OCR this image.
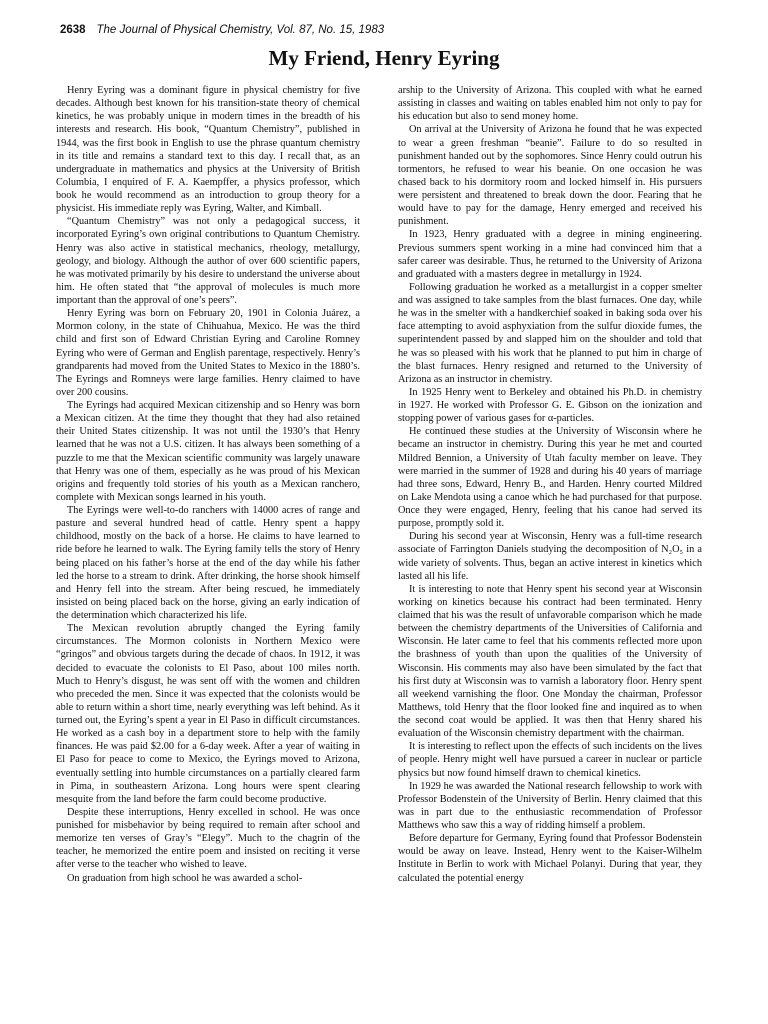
2638 The Journal of Physical Chemistry, Vol. 87, No. 15, 1983
My Friend, Henry Eyring

Henry Eyring was a dominant figure in physical chemistry for five decades. Although best known for his transition-state theory of chemical kinetics, he was probably unique in modern times in the breadth of his interests and research. His book, “Quantum Chemistry”, published in 1944, was the first book in English to use the phrase quantum chemistry in its title and remains a standard text to this day. I recall that, as an undergraduate in mathematics and physics at the University of British Columbia, I enquired of F. A. Kaempffer, a physics professor, which book he would recommend as an introduction to group theory for a physicist. His immediate reply was Eyring, Walter, and Kimball.

“Quantum Chemistry” was not only a pedagogical success, it incorporated Eyring’s own original contributions to Quantum Chemistry. Henry was also active in statistical mechanics, rheology, metallurgy, geology, and biology. Although the author of over 600 scientific papers, he was motivated primarily by his desire to understand the universe about him. He often stated that “the approval of molecules is much more important than the approval of one’s peers”.

Henry Eyring was born on February 20, 1901 in Colonia Juárez, a Mormon colony, in the state of Chihuahua, Mexico. He was the third child and first son of Edward Christian Eyring and Caroline Romney Eyring who were of German and English parentage, respectively. Henry’s grandparents had moved from the United States to Mexico in the 1880’s. The Eyrings and Romneys were large families. Henry claimed to have over 200 cousins.

The Eyrings had acquired Mexican citizenship and so Henry was born a Mexican citizen. At the time they thought that they had also retained their United States citizenship. It was not until the 1930’s that Henry learned that he was not a U.S. citizen. It has always been something of a puzzle to me that the Mexican scientific community was largely unaware that Henry was one of them, especially as he was proud of his Mexican origins and frequently told stories of his youth as a Mexican ranchero, complete with Mexican songs learned in his youth.

The Eyrings were well-to-do ranchers with 14000 acres of range and pasture and several hundred head of cattle. Henry spent a happy childhood, mostly on the back of a horse. He claims to have learned to ride before he learned to walk. The Eyring family tells the story of Henry being placed on his father’s horse at the end of the day while his father led the horse to a stream to drink. After drinking, the horse shook himself and Henry fell into the stream. After being rescued, he immediately insisted on being placed back on the horse, giving an early indication of the determination which characterized his life.

The Mexican revolution abruptly changed the Eyring family circumstances. The Mormon colonists in Northern Mexico were “gringos” and obvious targets during the decade of chaos. In 1912, it was decided to evacuate the colonists to El Paso, about 100 miles north. Much to Henry’s disgust, he was sent off with the women and children who preceded the men. Since it was expected that the colonists would be able to return within a short time, nearly everything was left behind. As it turned out, the Eyring’s spent a year in El Paso in difficult circumstances. He worked as a cash boy in a department store to help with the family finances. He was paid $2.00 for a 6-day week. After a year of waiting in El Paso for peace to come to Mexico, the Eyrings moved to Arizona, eventually settling into humble circumstances on a partially cleared farm in Pima, in southeastern Arizona. Long hours were spent clearing mesquite from the land before the farm could become productive.

Despite these interruptions, Henry excelled in school. He was once punished for misbehavior by being required to remain after school and memorize ten verses of Gray’s “Elegy”. Much to the chagrin of the teacher, he memorized the entire poem and insisted on reciting it verse after verse to the teacher who wished to leave.

On graduation from high school he was awarded a schol-

arship to the University of Arizona. This coupled with what he earned assisting in classes and waiting on tables enabled him not only to pay for his education but also to send money home.

On arrival at the University of Arizona he found that he was expected to wear a green freshman “beanie”. Failure to do so resulted in punishment handed out by the sophomores. Since Henry could outrun his tormentors, he refused to wear his beanie. On one occasion he was chased back to his dormitory room and locked himself in. His pursuers were persistent and threatened to break down the door. Fearing that he would have to pay for the damage, Henry emerged and received his punishment.

In 1923, Henry graduated with a degree in mining engineering. Previous summers spent working in a mine had convinced him that a safer career was desirable. Thus, he returned to the University of Arizona and graduated with a masters degree in metallurgy in 1924.

Following graduation he worked as a metallurgist in a copper smelter and was assigned to take samples from the blast furnaces. One day, while he was in the smelter with a handkerchief soaked in baking soda over his face attempting to avoid asphyxiation from the sulfur dioxide fumes, the superintendent passed by and slapped him on the shoulder and told that he was so pleased with his work that he planned to put him in charge of the blast furnaces. Henry resigned and returned to the University of Arizona as an instructor in chemistry.

In 1925 Henry went to Berkeley and obtained his Ph.D. in chemistry in 1927. He worked with Professor G. E. Gibson on the ionization and stopping power of various gases for α-particles.

He continued these studies at the University of Wisconsin where he became an instructor in chemistry. During this year he met and courted Mildred Bennion, a University of Utah faculty member on leave. They were married in the summer of 1928 and during his 40 years of marriage had three sons, Edward, Henry B., and Harden. Henry courted Mildred on Lake Mendota using a canoe which he had purchased for that purpose. Once they were engaged, Henry, feeling that his canoe had served its purpose, promptly sold it.

During his second year at Wisconsin, Henry was a full-time research associate of Farrington Daniels studying the decomposition of N₂O₅ in a wide variety of solvents. Thus, began an active interest in kinetics which lasted all his life.

It is interesting to note that Henry spent his second year at Wisconsin working on kinetics because his contract had been terminated. Henry claimed that his was the result of unfavorable comparison which he made between the chemistry departments of the Universities of California and Wisconsin. He later came to feel that his comments reflected more upon the brashness of youth than upon the qualities of the University of Wisconsin. His comments may also have been simulated by the fact that his first duty at Wisconsin was to varnish a laboratory floor. Henry spent all weekend varnishing the floor. One Monday the chairman, Professor Matthews, told Henry that the floor looked fine and inquired as to when the second coat would be applied. It was then that Henry shared his evaluation of the Wisconsin chemistry department with the chairman.

It is interesting to reflect upon the effects of such incidents on the lives of people. Henry might well have pursued a career in nuclear or particle physics but now found himself drawn to chemical kinetics.

In 1929 he was awarded the National research fellowship to work with Professor Bodenstein of the University of Berlin. Henry claimed that this was in part due to the enthusiastic recommendation of Professor Matthews who saw this a way of ridding himself a problem.

Before departure for Germany, Eyring found that Professor Bodenstein would be away on leave. Instead, Henry went to the Kaiser-Wilhelm Institute in Berlin to work with Michael Polanyi. During that year, they calculated the potential energy
